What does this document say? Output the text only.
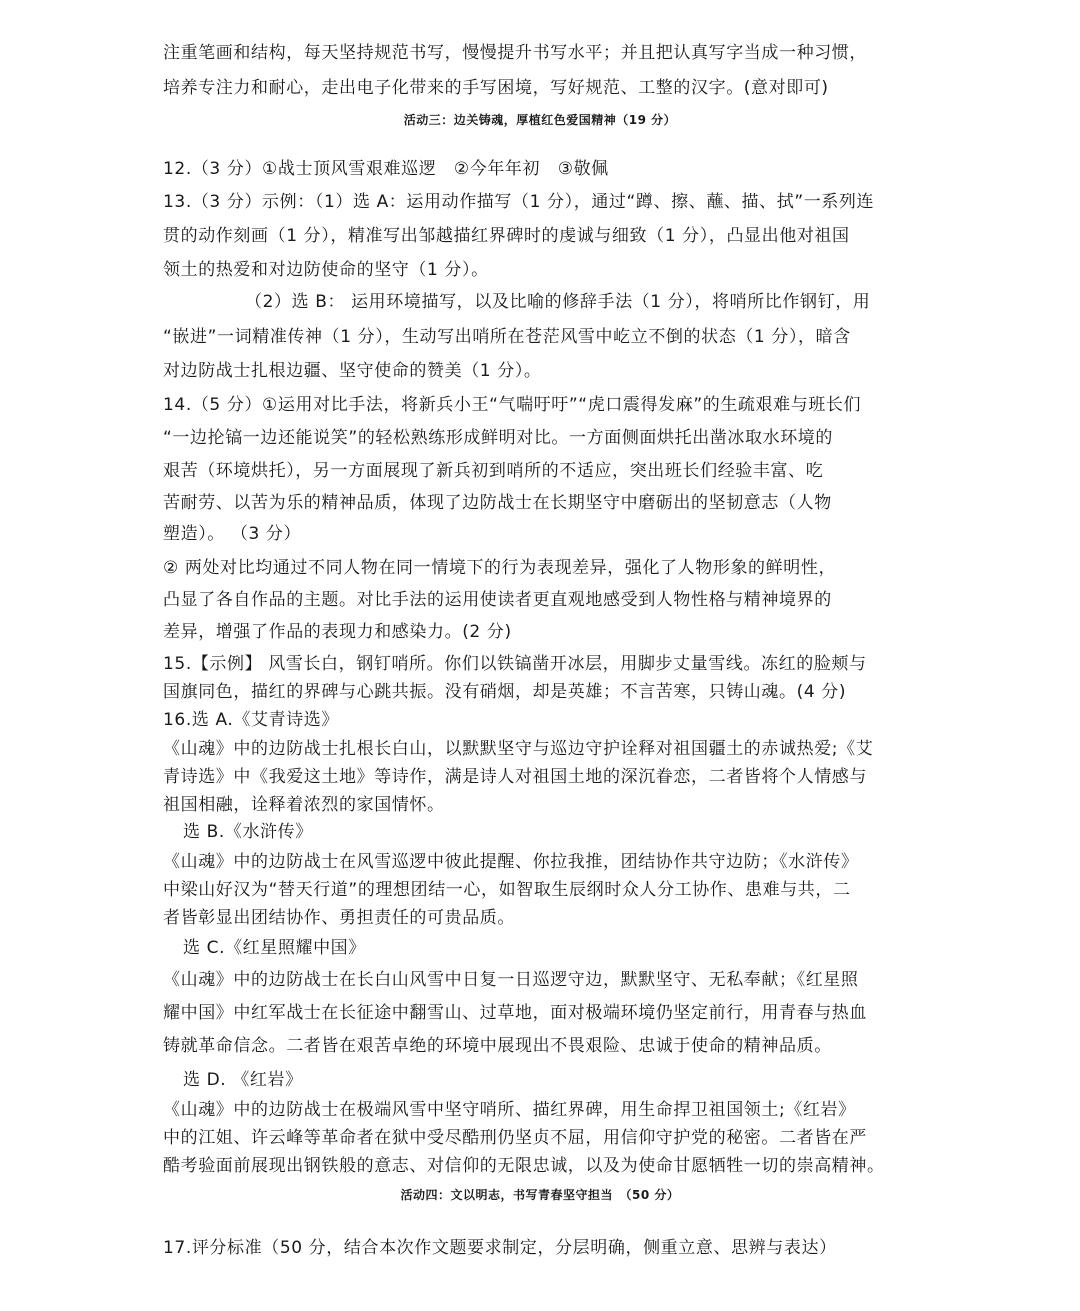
注重笔画和结构，每天坚持规范书写，慢慢提升书写水平；并且把认真写字当成一种习惯，
培养专注力和耐心，走出电子化带来的手写困境，写好规范、工整的汉字。(意对即可)
活动三：边关铸魂，厚植红色爱国精神（19 分）
12.（3 分）①战士顶风雪艰难巡逻　②今年年初　③敬佩
13.（3 分）示例：（1）选 A：运用动作描写（1 分），通过“蹲、擦、蘸、描、拭”一系列连
贯的动作刻画（1 分），精准写出邹越描红界碑时的虔诚与细致（1 分），凸显出他对祖国
领土的热爱和对边防使命的坚守（1 分）。
（2）选 B： 运用环境描写，以及比喻的修辞手法（1 分），将哨所比作钢钉，用
“嵌进”一词精准传神（1 分），生动写出哨所在苍茫风雪中屹立不倒的状态（1 分），暗含
对边防战士扎根边疆、坚守使命的赞美（1 分）。
14.（5 分）①运用对比手法，将新兵小王“气喘吁吁”“虎口震得发麻”的生疏艰难与班长们
“一边抡镐一边还能说笑”的轻松熟练形成鲜明对比。一方面侧面烘托出凿冰取水环境的
艰苦（环境烘托），另一方面展现了新兵初到哨所的不适应，突出班长们经验丰富、吃
苦耐劳、以苦为乐的精神品质，体现了边防战士在长期坚守中磨砺出的坚韧意志（人物
塑造）。 （3 分）
② 两处对比均通过不同人物在同一情境下的行为表现差异，强化了人物形象的鲜明性，
凸显了各自作品的主题。对比手法的运用使读者更直观地感受到人物性格与精神境界的
差异，增强了作品的表现力和感染力。(2 分)
15.【示例】 风雪长白，钢钉哨所。你们以铁镐凿开冰层，用脚步丈量雪线。冻红的脸颊与
国旗同色，描红的界碑与心跳共振。没有硝烟，却是英雄；不言苦寒，只铸山魂。(4 分)
16.选 A.《艾青诗选》
《山魂》中的边防战士扎根长白山，以默默坚守与巡边守护诠释对祖国疆土的赤诚热爱;《艾
青诗选》中《我爱这土地》等诗作，满是诗人对祖国土地的深沉眷恋，二者皆将个人情感与
祖国相融，诠释着浓烈的家国情怀。
选 B.《水浒传》
《山魂》中的边防战士在风雪巡逻中彼此提醒、你拉我推，团结协作共守边防；《水浒传》
中梁山好汉为“替天行道”的理想团结一心，如智取生辰纲时众人分工协作、患难与共，二
者皆彰显出团结协作、勇担责任的可贵品质。
选 C.《红星照耀中国》
《山魂》中的边防战士在长白山风雪中日复一日巡逻守边，默默坚守、无私奉献；《红星照
耀中国》中红军战士在长征途中翻雪山、过草地，面对极端环境仍坚定前行，用青春与热血
铸就革命信念。二者皆在艰苦卓绝的环境中展现出不畏艰险、忠诚于使命的精神品质。
选 D. 《红岩》
《山魂》中的边防战士在极端风雪中坚守哨所、描红界碑，用生命捍卫祖国领土;《红岩》
中的江姐、许云峰等革命者在狱中受尽酷刑仍坚贞不屈，用信仰守护党的秘密。二者皆在严
酷考验面前展现出钢铁般的意志、对信仰的无限忠诚，以及为使命甘愿牺牲一切的崇高精神。
活动四：文以明志，书写青春坚守担当　（50 分）
17.评分标准（50 分，结合本次作文题要求制定，分层明确，侧重立意、思辨与表达）
